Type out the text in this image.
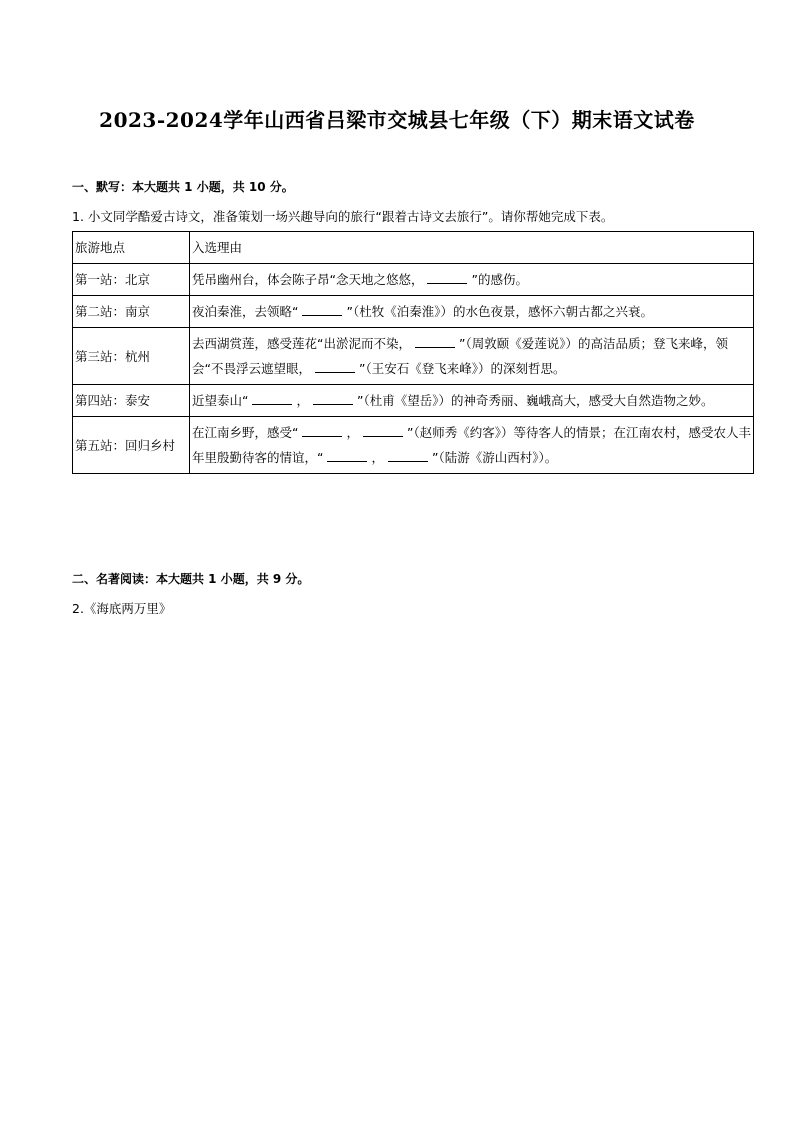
2023-2024学年山西省吕梁市交城县七年级（下）期末语文试卷
一、默写：本大题共 1 小题，共 10 分。
1. 小文同学酷爱古诗文，准备策划一场兴趣导向的旅行“跟着古诗文去旅行”。请你帮她完成下表。
旅游地点	入选理由
第一站：北京	凭吊幽州台，体会陈子昂“念天地之悠悠， ”的感伤。
第二站：南京	夜泊秦淮，去领略“ ”（杜牧《泊秦淮》）的水色夜景，感怀六朝古都之兴衰。
第三站：杭州	去西湖赏莲，感受莲花“出淤泥而不染， ”（周敦颐《爱莲说》）的高洁品质；登飞来峰，领会“不畏浮云遮望眼， ”（王安石《登飞来峰》）的深刻哲思。
第四站：泰安	近望泰山“ ， ”（杜甫《望岳》）的神奇秀丽、巍峨高大，感受大自然造物之妙。
第五站：回归乡村	在江南乡野，感受“ ， ”（赵师秀《约客》）等待客人的情景；在江南农村，感受农人丰年里殷勤待客的情谊，“ ， ”（陆游《游山西村》）。
二、名著阅读：本大题共 1 小题，共 9 分。
2.《海底两万里》
